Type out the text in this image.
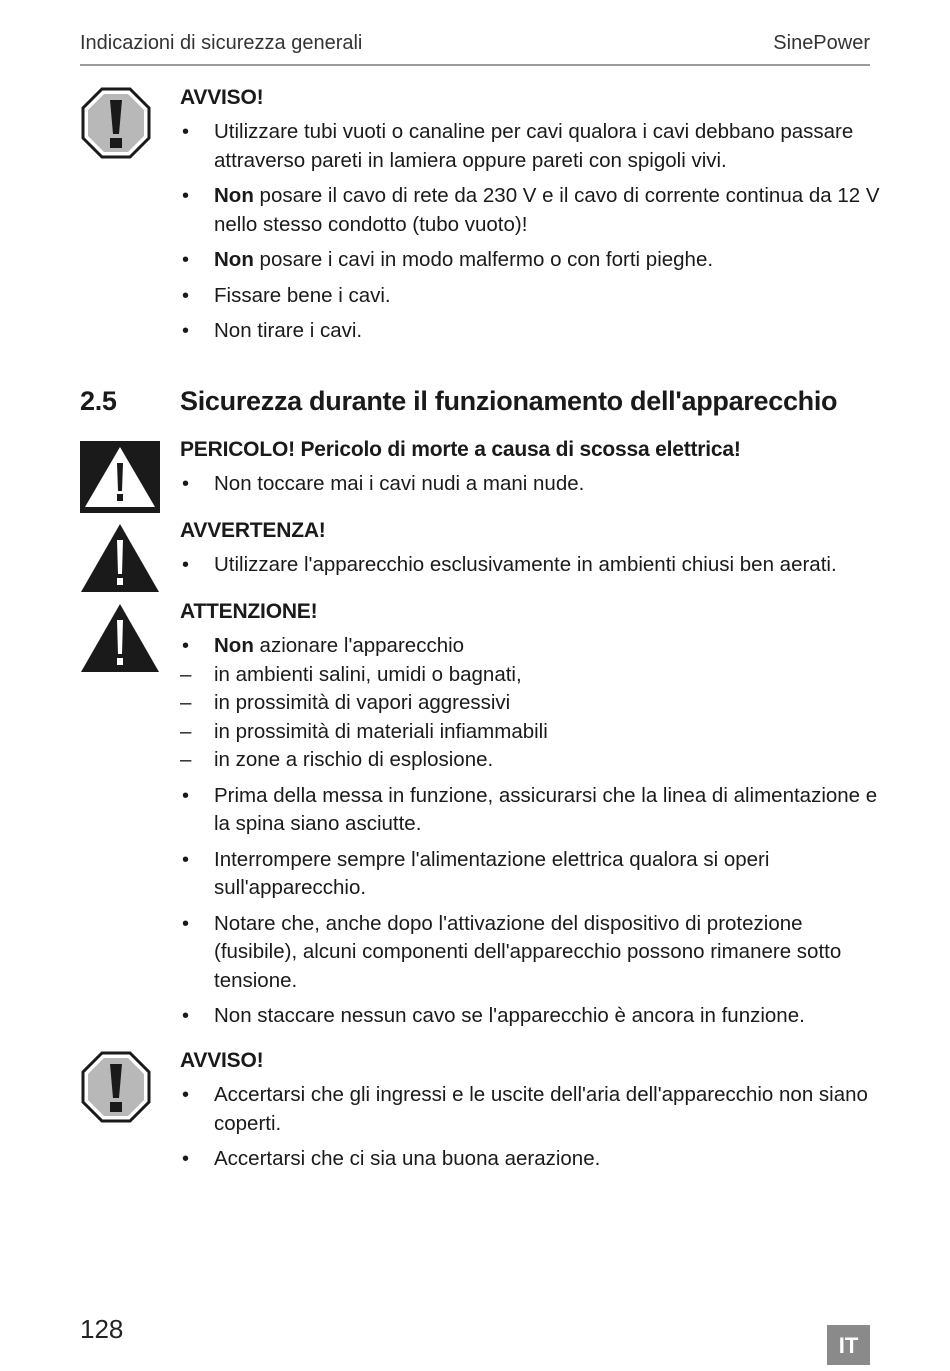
Indicazioni di sicurezza generali	SinePower
AVVISO!
• Utilizzare tubi vuoti o canaline per cavi qualora i cavi debbano passare attraverso pareti in lamiera oppure pareti con spigoli vivi.
• Non posare il cavo di rete da 230 V e il cavo di corrente continua da 12 V nello stesso condotto (tubo vuoto)!
• Non posare i cavi in modo malfermo o con forti pieghe.
• Fissare bene i cavi.
• Non tirare i cavi.
2.5 Sicurezza durante il funzionamento dell'apparecchio
PERICOLO! Pericolo di morte a causa di scossa elettrica!
• Non toccare mai i cavi nudi a mani nude.
AVVERTENZA!
• Utilizzare l'apparecchio esclusivamente in ambienti chiusi ben aerati.
ATTENZIONE!
• Non azionare l'apparecchio
– in ambienti salini, umidi o bagnati,
– in prossimità di vapori aggressivi
– in prossimità di materiali infiammabili
– in zone a rischio di esplosione.
• Prima della messa in funzione, assicurarsi che la linea di alimentazione e la spina siano asciutte.
• Interrompere sempre l'alimentazione elettrica qualora si operi sull'apparecchio.
• Notare che, anche dopo l'attivazione del dispositivo di protezione (fusibile), alcuni componenti dell'apparecchio possono rimanere sotto tensione.
• Non staccare nessun cavo se l'apparecchio è ancora in funzione.
AVVISO!
• Accertarsi che gli ingressi e le uscite dell'aria dell'apparecchio non siano coperti.
• Accertarsi che ci sia una buona aerazione.
128
IT
